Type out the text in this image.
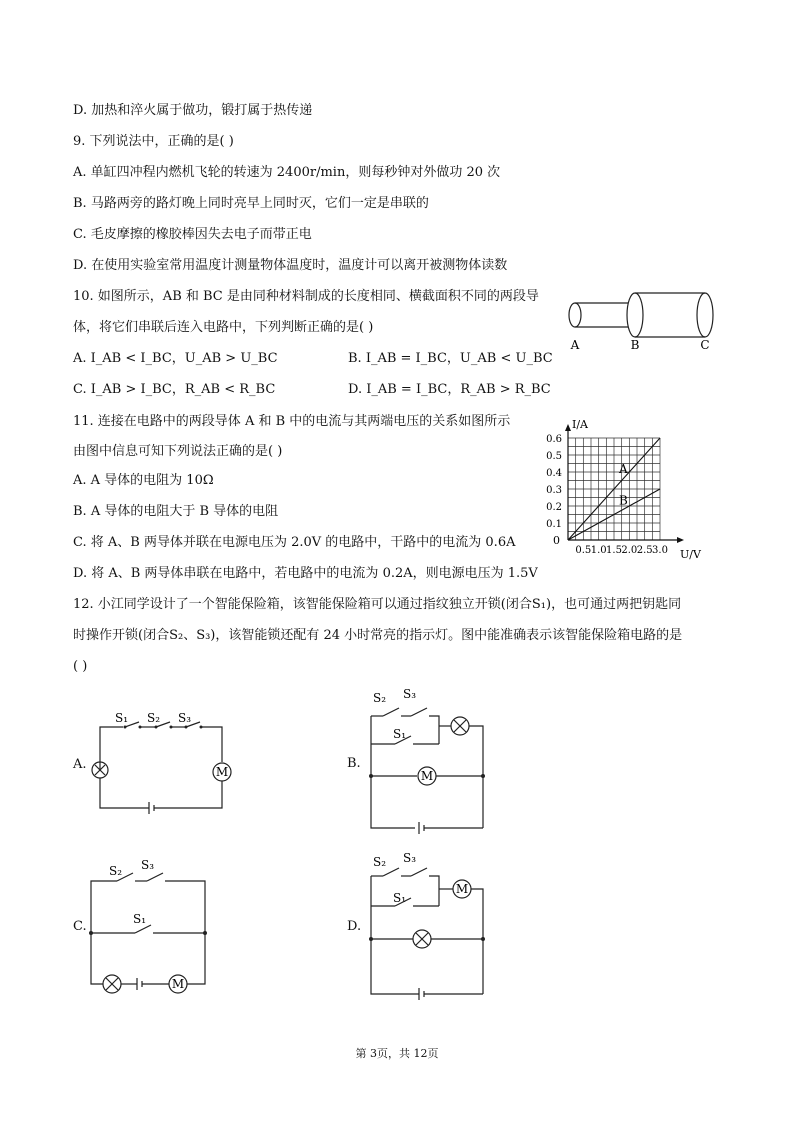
D. 加热和淬火属于做功，锻打属于热传递
9. 下列说法中，正确的是( )
A. 单缸四冲程内燃机飞轮的转速为 2400r/min，则每秒钟对外做功 20 次
B. 马路两旁的路灯晚上同时亮早上同时灭，它们一定是串联的
C. 毛皮摩擦的橡胶棒因失去电子而带正电
D. 在使用实验室常用温度计测量物体温度时，温度计可以离开被测物体读数
10. 如图所示，AB 和 BC 是由同种材料制成的长度相同、横截面积不同的两段导
体，将它们串联后连入电路中，下列判断正确的是( )
A. I_AB < I_BC，U_AB > U_BC	B. I_AB = I_BC，U_AB < U_BC
C. I_AB > I_BC，R_AB < R_BC	D. I_AB = I_BC，R_AB > R_BC
A	B	C
11. 连接在电路中的两段导体 A 和 B 中的电流与其两端电压的关系如图所示
由图中信息可知下列说法正确的是( )
A. A 导体的电阻为 10Ω
B. A 导体的电阻大于 B 导体的电阻
C. 将 A、B 两导体并联在电源电压为 2.0V 的电路中，干路中的电流为 0.6A
D. 将 A、B 两导体串联在电路中，若电路中的电流为 0.2A，则电源电压为 1.5V
0.5 1.0 1.5 2.0 2.5 3.0
0.1
0.2
0.3
0.4
0.5
0.6
0
U/V
I/A
A
B
12. 小江同学设计了一个智能保险箱，该智能保险箱可以通过指纹独立开锁(闭合S₁)，也可通过两把钥匙同
时操作开锁(闭合S₂、S₃)，该智能锁还配有 24 小时常亮的指示灯。图中能准确表示该智能保险箱电路的是
( )
A.
S₁ S₂ S₃
M
B.
S₂ S₃
S₁
M
C.
S₂ S₃
S₁
M
D.
S₂ S₃
S₁
M
第 3页，共 12页
